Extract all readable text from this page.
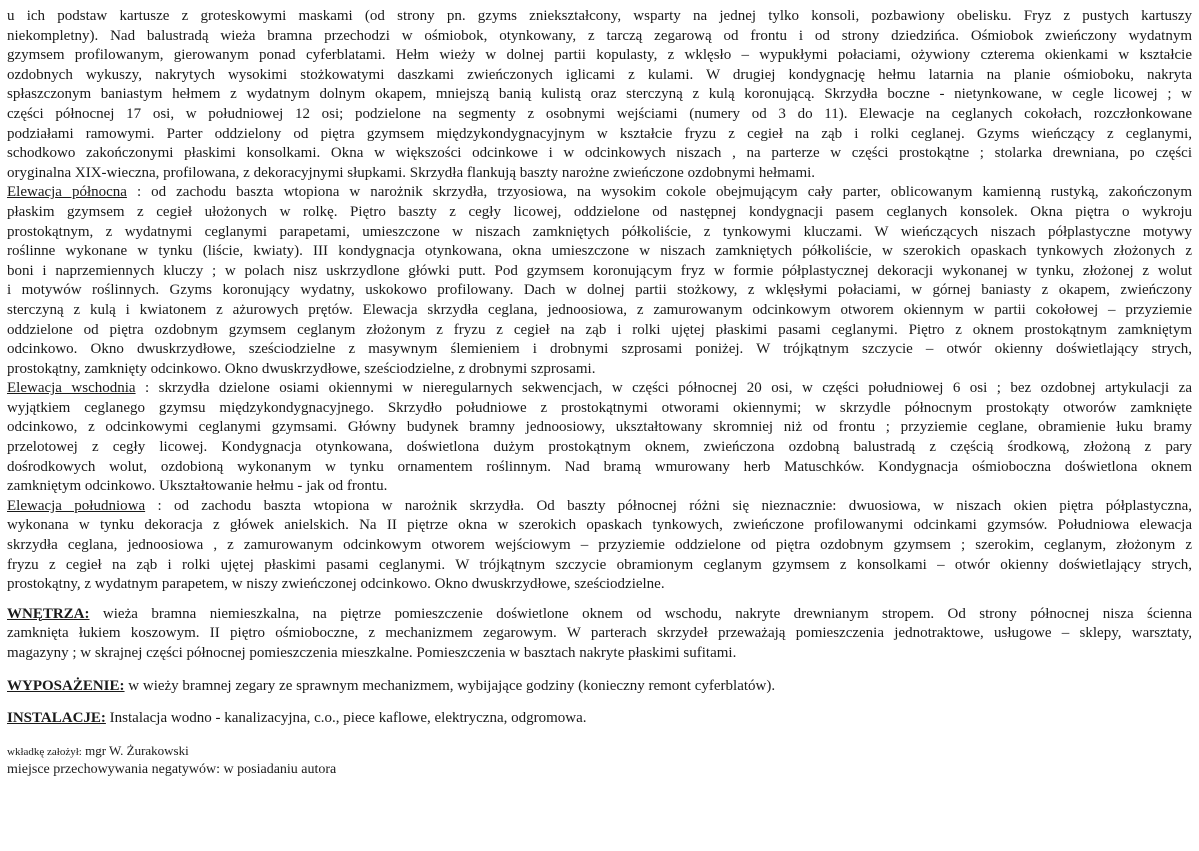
u ich podstaw kartusze z groteskowymi maskami (od strony pn. gzyms zniekształcony, wsparty na jednej tylko konsoli, pozbawiony obelisku. Fryz z pustych kartuszy
niekompletny). Nad balustradą wieża bramna przechodzi w ośmiobok, otynkowany, z tarczą zegarową od frontu i od strony dziedzińca. Ośmiobok zwieńczony wydatnym
gzymsem profilowanym, gierowanym ponad cyferblatami. Hełm wieży w dolnej partii kopulasty, z wklęsło – wypukłymi połaciami, ożywiony czterema okienkami w kształcie
ozdobnych wykuszy, nakrytych wysokimi stożkowatymi daszkami zwieńczonych iglicami z kulami. W drugiej kondygnację hełmu latarnia na planie ośmioboku, nakryta
spłaszczonym baniastym hełmem z wydatnym dolnym okapem, mniejszą banią kulistą oraz sterczyną z kulą koronującą. Skrzydła boczne - nietynkowane, w cegle licowej ; w
części północnej 17 osi, w południowej 12 osi; podzielone na segmenty z osobnymi wejściami (numery od 3 do 11). Elewacje na ceglanych cokołach, rozczłonkowane
podziałami ramowymi. Parter oddzielony od piętra gzymsem międzykondygnacyjnym w kształcie fryzu z cegieł na ząb i rolki ceglanej. Gzyms wieńczący z ceglanymi,
schodkowo zakończonymi płaskimi konsolkami. Okna w większości odcinkowe i w odcinkowych niszach , na parterze w części prostokątne ; stolarka drewniana, po części
oryginalna XIX-wieczna, profilowana, z dekoracyjnymi słupkami. Skrzydła flankują baszty narożne zwieńczone ozdobnymi hełmami.
Elewacja północna : od zachodu baszta wtopiona w narożnik skrzydła, trzyosiowa, na wysokim cokole obejmującym cały parter, oblicowanym kamienną rustyką, zakończonym
płaskim gzymsem z cegieł ułożonych w rolkę. Piętro baszty z cegły licowej, oddzielone od następnej kondygnacji pasem ceglanych konsolek. Okna piętra o wykroju
prostokątnym, z wydatnymi ceglanymi parapetami, umieszczone w niszach zamkniętych półkoliście, z tynkowymi kluczami. W wieńczących niszach półplastyczne motywy
roślinne wykonane w tynku (liście, kwiaty). III kondygnacja otynkowana, okna umieszczone w niszach zamkniętych półkoliście, w szerokich opaskach tynkowych złożonych z
boni i naprzemiennych kluczy ; w polach nisz uskrzydlone główki putt. Pod gzymsem koronującym fryz w formie półplastycznej dekoracji wykonanej w tynku, złożonej z wolut
i motywów roślinnych. Gzyms koronujący wydatny, uskokowo profilowany. Dach w dolnej partii stożkowy, z wklęsłymi połaciami, w górnej baniasty z okapem, zwieńczony
sterczyną z kulą i kwiatonem z ażurowych prętów. Elewacja skrzydła ceglana, jednoosiowa, z zamurowanym odcinkowym otworem okiennym w partii cokołowej – przyziemie
oddzielone od piętra ozdobnym gzymsem ceglanym złożonym z fryzu z cegieł na ząb i rolki ujętej płaskimi pasami ceglanymi. Piętro z oknem prostokątnym zamkniętym
odcinkowo. Okno dwuskrzydłowe, sześciodzielne z masywnym ślemieniem i drobnymi szprosami poniżej. W trójkątnym szczycie – otwór okienny doświetlający strych,
prostokątny, zamknięty odcinkowo. Okno dwuskrzydłowe, sześciodzielne, z drobnymi szprosami.
Elewacja wschodnia : skrzydła dzielone osiami okiennymi w nieregularnych sekwencjach, w części północnej 20 osi, w części południowej 6 osi ; bez ozdobnej artykulacji za
wyjątkiem ceglanego gzymsu międzykondygnacyjnego. Skrzydło południowe z prostokątnymi otworami okiennymi; w skrzydle północnym prostokąty otworów zamknięte
odcinkowo, z odcinkowymi ceglanymi gzymsami. Główny budynek bramny jednoosiowy, ukształtowany skromniej niż od frontu ; przyziemie ceglane, obramienie łuku bramy
przelotowej z cegły licowej. Kondygnacja otynkowana, doświetlona dużym prostokątnym oknem, zwieńczona ozdobną balustradą z częścią środkową, złożoną z pary
dośrodkowych wolut, ozdobioną wykonanym w tynku ornamentem roślinnym. Nad bramą wmurowany herb Matuschków. Kondygnacja ośmioboczna doświetlona oknem
zamkniętym odcinkowo. Ukształtowanie hełmu - jak od frontu.
Elewacja południowa : od zachodu baszta wtopiona w narożnik skrzydła. Od baszty północnej różni się nieznacznie: dwuosiowa, w niszach okien piętra półplastyczna,
wykonana w tynku dekoracja z główek anielskich. Na II piętrze okna w szerokich opaskach tynkowych, zwieńczone profilowanymi odcinkami gzymsów. Południowa elewacja
skrzydła ceglana, jednoosiowa , z zamurowanym odcinkowym otworem wejściowym – przyziemie oddzielone od piętra ozdobnym gzymsem ; szerokim, ceglanym, złożonym z
fryzu z cegieł na ząb i rolki ujętej płaskimi pasami ceglanymi. W trójkątnym szczycie obramionym ceglanym gzymsem z konsolkami – otwór okienny doświetlający strych,
prostokątny, z wydatnym parapetem, w niszy zwieńczonej odcinkowo. Okno dwuskrzydłowe, sześciodzielne.
WNĘTRZA: wieża bramna niemieszkalna, na piętrze pomieszczenie doświetlone oknem od wschodu, nakryte drewnianym stropem. Od strony północnej nisza ścienna
zamknięta łukiem koszowym. II piętro ośmioboczne, z mechanizmem zegarowym. W parterach skrzydeł przeważają pomieszczenia jednotraktowe, usługowe – sklepy, warsztaty,
magazyny ; w skrajnej części północnej pomieszczenia mieszkalne. Pomieszczenia w basztach nakryte płaskimi sufitami.
WYPOSAŻENIE: w wieży bramnej zegary ze sprawnym mechanizmem, wybijające godziny (konieczny remont cyferblatów).
INSTALACJE: Instalacja wodno - kanalizacyjna, c.o., piece kaflowe, elektryczna, odgromowa.
wkładkę założył: mgr W. Żurakowski
miejsce przechowywania negatywów: w posiadaniu autora
